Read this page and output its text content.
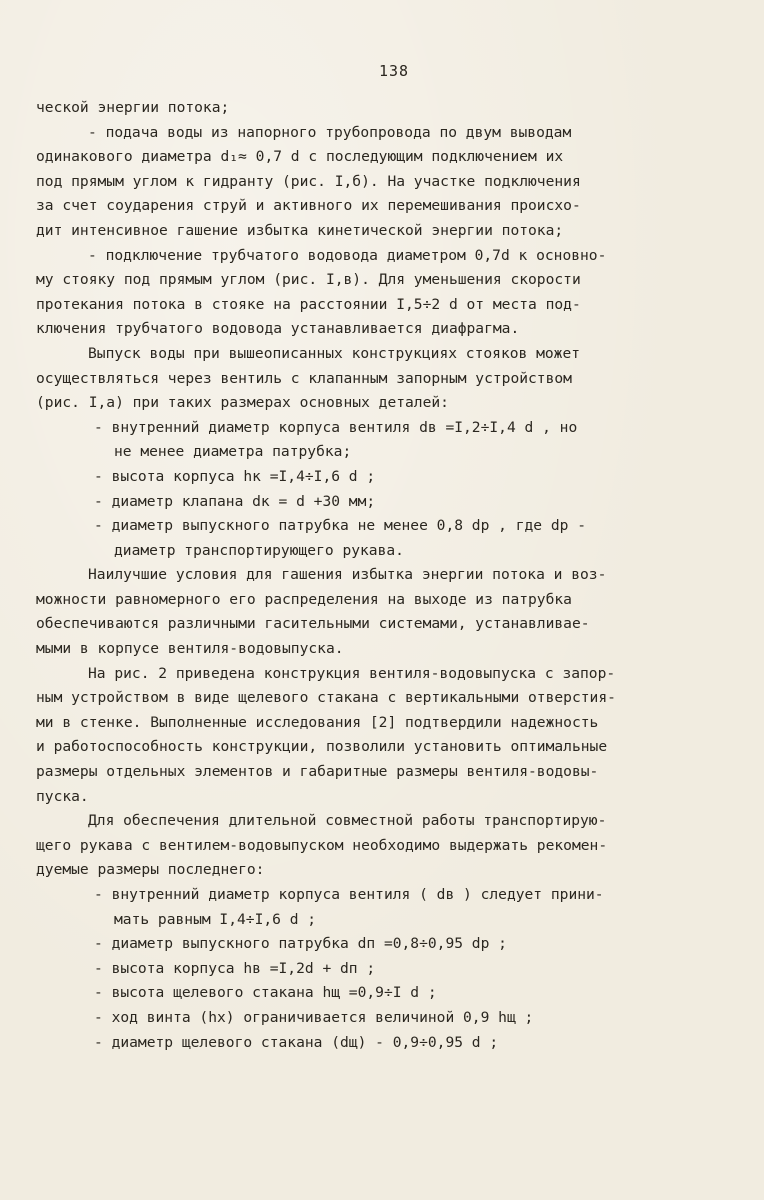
138

ческой энергии потока;

- подача воды из напорного трубопровода по двум выводам

одинакового диаметра d₁≈ 0,7 d с последующим подключением их

под прямым углом к гидранту (рис. I,б). На участке подключения

за счет соударения струй и активного их перемешивания происхо-

дит интенсивное гашение избытка кинетической энергии потока;

- подключение трубчатого водовода диаметром 0,7d к основно-

му стояку под прямым углом (рис. I,в). Для уменьшения скорости

протекания потока в стояке на расстоянии I,5÷2 d от места под-

ключения трубчатого водовода устанавливается диафрагма.

Выпуск воды при вышеописанных конструкциях стояков может

осуществляться через вентиль с клапанным запорным устройством

(рис. I,а) при таких размерах основных деталей:

- внутренний диаметр корпуса вентиля dв =I,2÷I,4 d , но

не менее диаметра патрубка;

- высота корпуса hк =I,4÷I,6 d ;

- диаметр клапана dк = d +30 мм;

- диаметр выпускного патрубка не менее 0,8 dр , где dр -

диаметр транспортирующего рукава.

Наилучшие условия для гашения избытка энергии потока и воз-

можности равномерного его распределения на выходе из патрубка

обеспечиваются различными гасительными системами, устанавливае-

мыми в корпусе вентиля-водовыпуска.

На рис. 2 приведена конструкция вентиля-водовыпуска с запор-

ным устройством в виде щелевого стакана с вертикальными отверстия-

ми в стенке. Выполненные исследования [2] подтвердили надежность

и работоспособность конструкции, позволили установить оптимальные

размеры отдельных элементов и габаритные размеры вентиля-водовы-

пуска.

Для обеспечения длительной совместной работы транспортирую-

щего рукава с вентилем-водовыпуском необходимо выдержать рекомен-

дуемые размеры последнего:

- внутренний диаметр корпуса вентиля ( dв ) следует прини-

мать равным I,4÷I,6 d ;

- диаметр выпускного патрубка dп =0,8÷0,95 dр ;

- высота корпуса hв =I,2d + dп ;

- высота щелевого стакана hщ =0,9÷I d ;

- ход винта (hх) ограничивается величиной 0,9 hщ ;

- диаметр щелевого стакана (dщ) - 0,9÷0,95 d ;
